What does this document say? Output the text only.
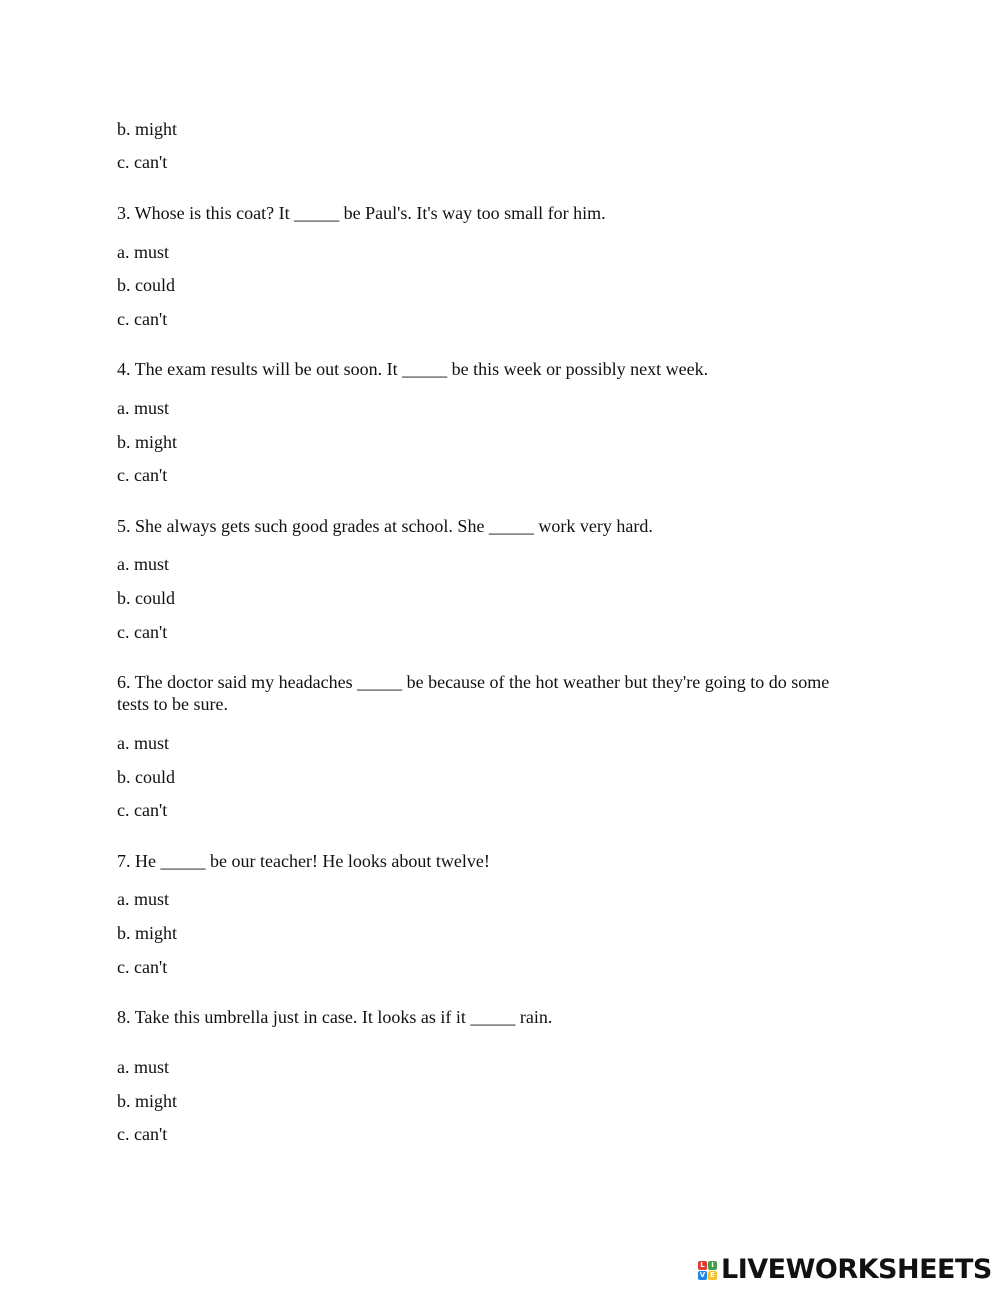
b. might

c. can't

3. Whose is this coat? It _____ be Paul's. It's way too small for him.

a. must

b. could

c. can't

4. The exam results will be out soon. It _____ be this week or possibly next week.

a. must

b. might

c. can't

5. She always gets such good grades at school. She _____ work very hard.

a. must

b. could

c. can't

6. The doctor said my headaches _____ be because of the hot weather but they're going to do some tests to be sure.

a. must

b. could

c. can't

7. He _____ be our teacher! He looks about twelve!

a. must

b. might

c. can't

8. Take this umbrella just in case. It looks as if it _____ rain.

a. must

b. might

c. can't

L I
V E LIVEWORKSHEETS
